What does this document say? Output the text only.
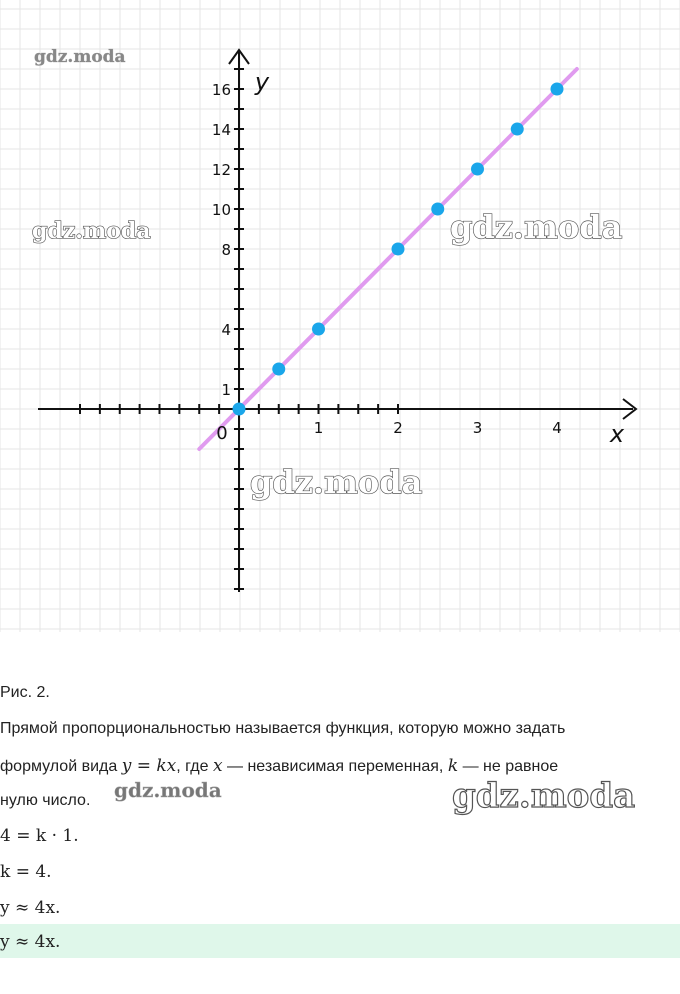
1	2	3	4
1
4
8
10
12
14
16
0	x
y
gdz.moda
gdz.moda	gdz.moda
gdz.moda
Рис. 2.
Прямой пропорциональностью называется функция, которую можно задать
формулой вида y = kx, где x — независимая переменная, k — не равное
нулю число.
4 = k · 1.
k = 4.
y ≈ 4x.
y ≈ 4x.
gdz.moda	gdz.moda
